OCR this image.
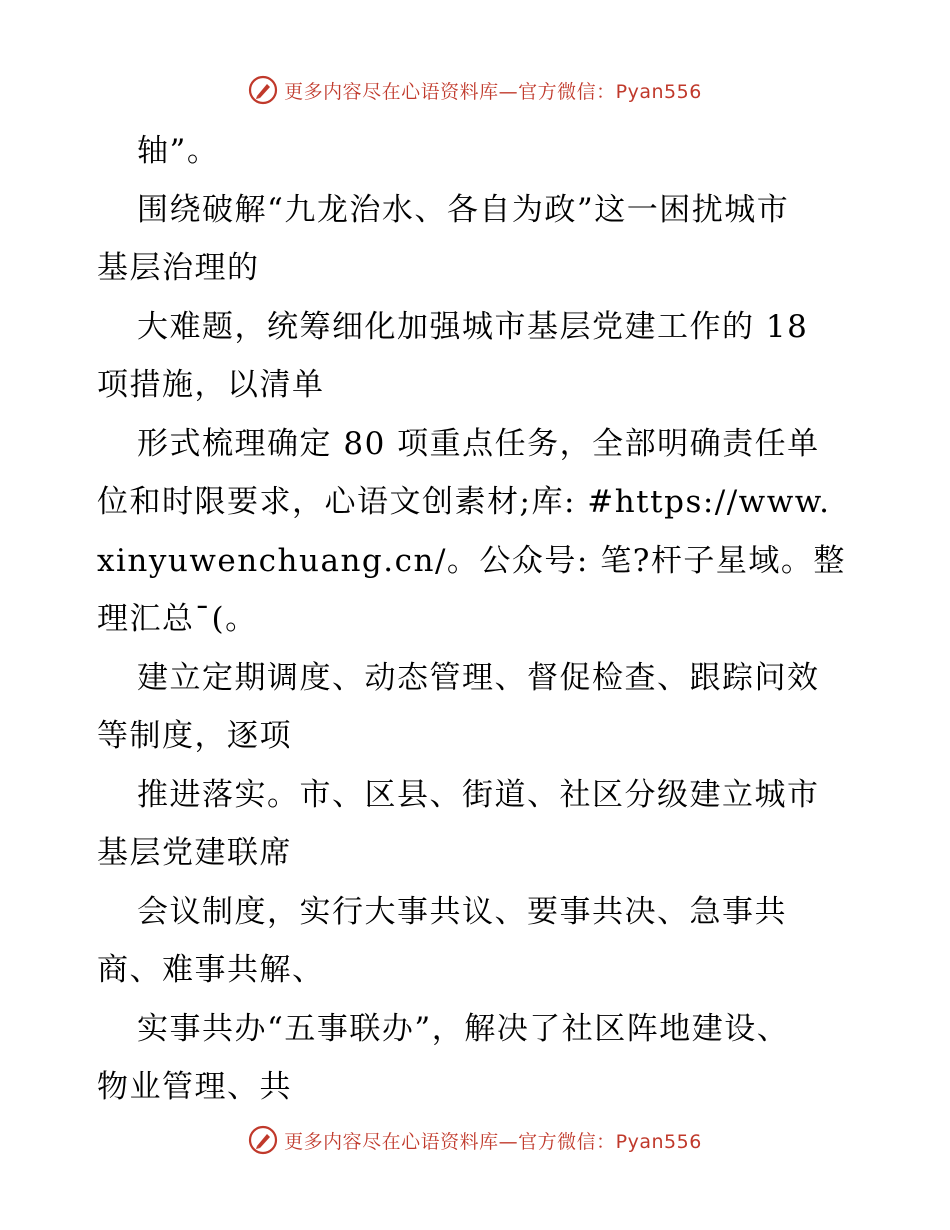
更多内容尽在心语资料库—官方微信：Pyan556
轴”。
围绕破解“九龙治水、各自为政”这一困扰城市
基层治理的
大难题，统筹细化加强城市基层党建工作的 18
项措施，以清单
形式梳理确定 80 项重点任务，全部明确责任单
位和时限要求，心语文创素材;库: #https://www.
xinyuwenchuang.cn/。公众号: 笔?杆子星域。整
理汇总¯(。
建立定期调度、动态管理、督促检查、跟踪问效
等制度，逐项
推进落实。市、区县、街道、社区分级建立城市
基层党建联席
会议制度，实行大事共议、要事共决、急事共
商、难事共解、
实事共办“五事联办”，解决了社区阵地建设、
物业管理、共
更多内容尽在心语资料库—官方微信：Pyan556
